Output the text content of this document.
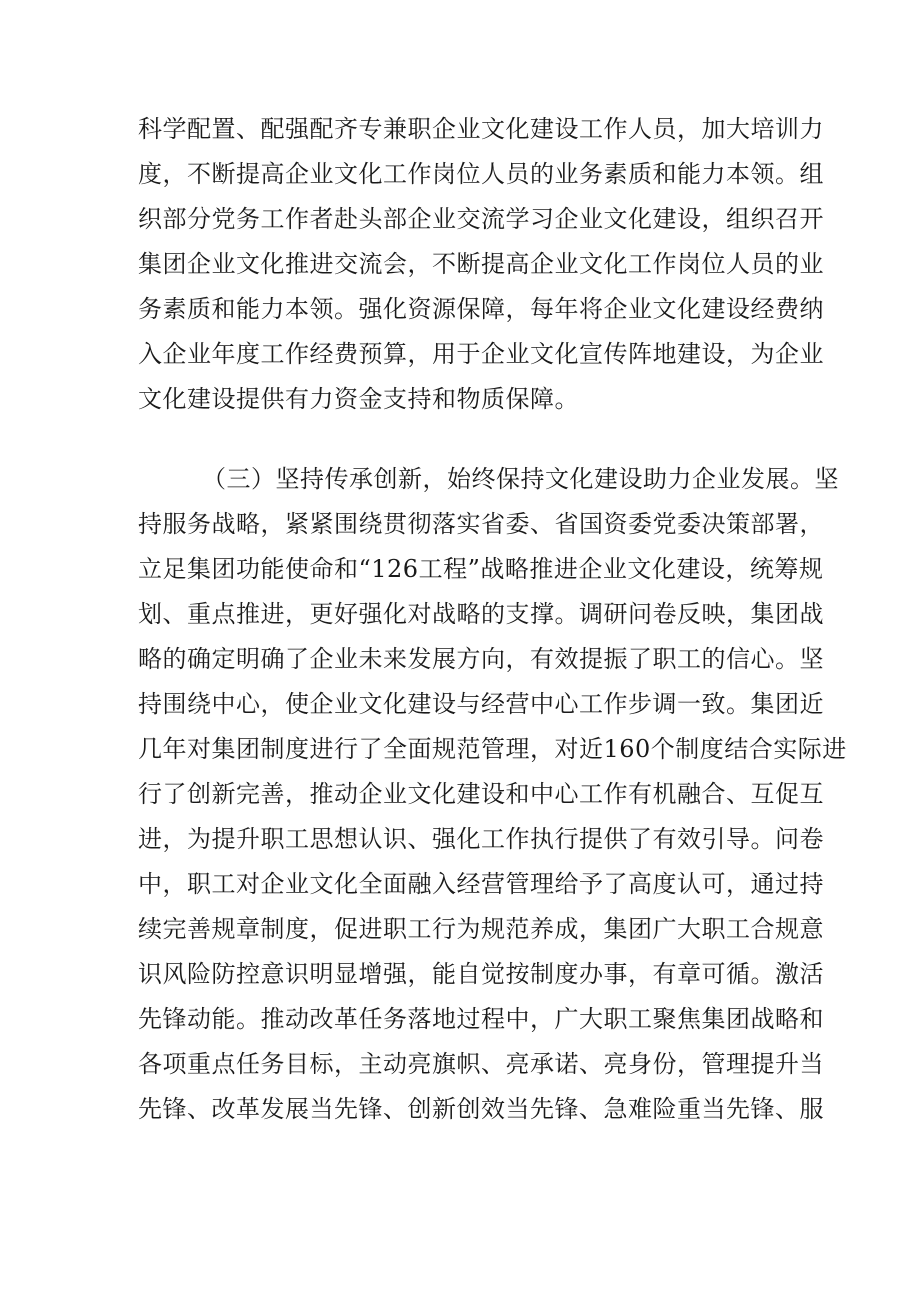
科学配置、配强配齐专兼职企业文化建设工作人员，加大培训力
度，不断提高企业文化工作岗位人员的业务素质和能力本领。组
织部分党务工作者赴头部企业交流学习企业文化建设，组织召开
集团企业文化推进交流会，不断提高企业文化工作岗位人员的业
务素质和能力本领。强化资源保障，每年将企业文化建设经费纳
入企业年度工作经费预算，用于企业文化宣传阵地建设，为企业
文化建设提供有力资金支持和物质保障。
（三）坚持传承创新，始终保持文化建设助力企业发展。坚
持服务战略，紧紧围绕贯彻落实省委、省国资委党委决策部署，
立足集团功能使命和“126工程”战略推进企业文化建设，统筹规
划、重点推进，更好强化对战略的支撑。调研问卷反映，集团战
略的确定明确了企业未来发展方向，有效提振了职工的信心。坚
持围绕中心，使企业文化建设与经营中心工作步调一致。集团近
几年对集团制度进行了全面规范管理，对近160个制度结合实际进
行了创新完善，推动企业文化建设和中心工作有机融合、互促互
进，为提升职工思想认识、强化工作执行提供了有效引导。问卷
中，职工对企业文化全面融入经营管理给予了高度认可，通过持
续完善规章制度，促进职工行为规范养成，集团广大职工合规意
识风险防控意识明显增强，能自觉按制度办事，有章可循。激活
先锋动能。推动改革任务落地过程中，广大职工聚焦集团战略和
各项重点任务目标，主动亮旗帜、亮承诺、亮身份，管理提升当
先锋、改革发展当先锋、创新创效当先锋、急难险重当先锋、服
